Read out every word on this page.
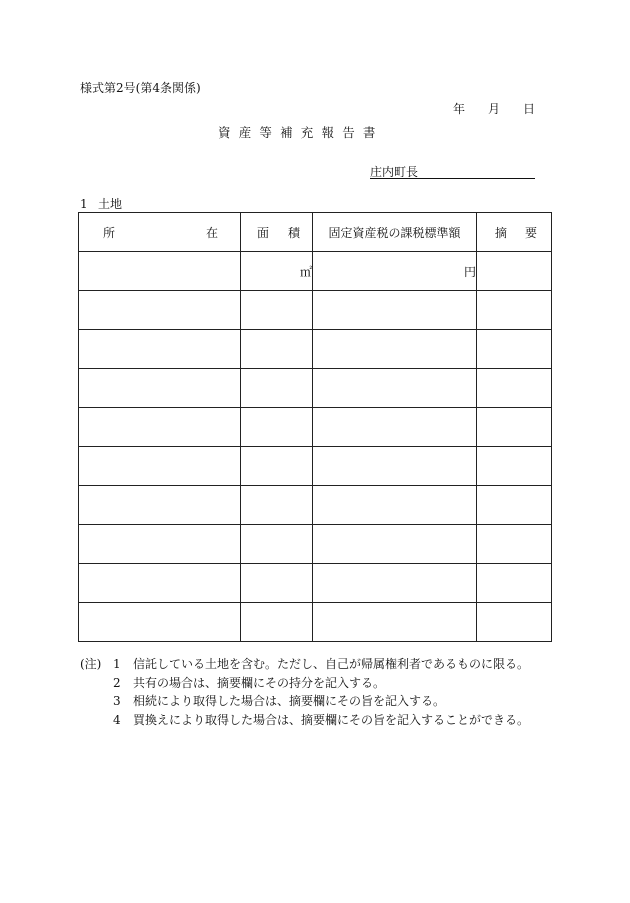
様式第2号(第4条関係)
年 月 日
資産等補充報告書
庄内町長
1 土地
所 在	面 積	固定資産税の課税標準額	摘 要

	㎡	円	

(注) 1 信託している土地を含む。ただし、自己が帰属権利者であるものに限る。
2 共有の場合は、摘要欄にその持分を記入する。
3 相続により取得した場合は、摘要欄にその旨を記入する。
4 買換えにより取得した場合は、摘要欄にその旨を記入することができる。
